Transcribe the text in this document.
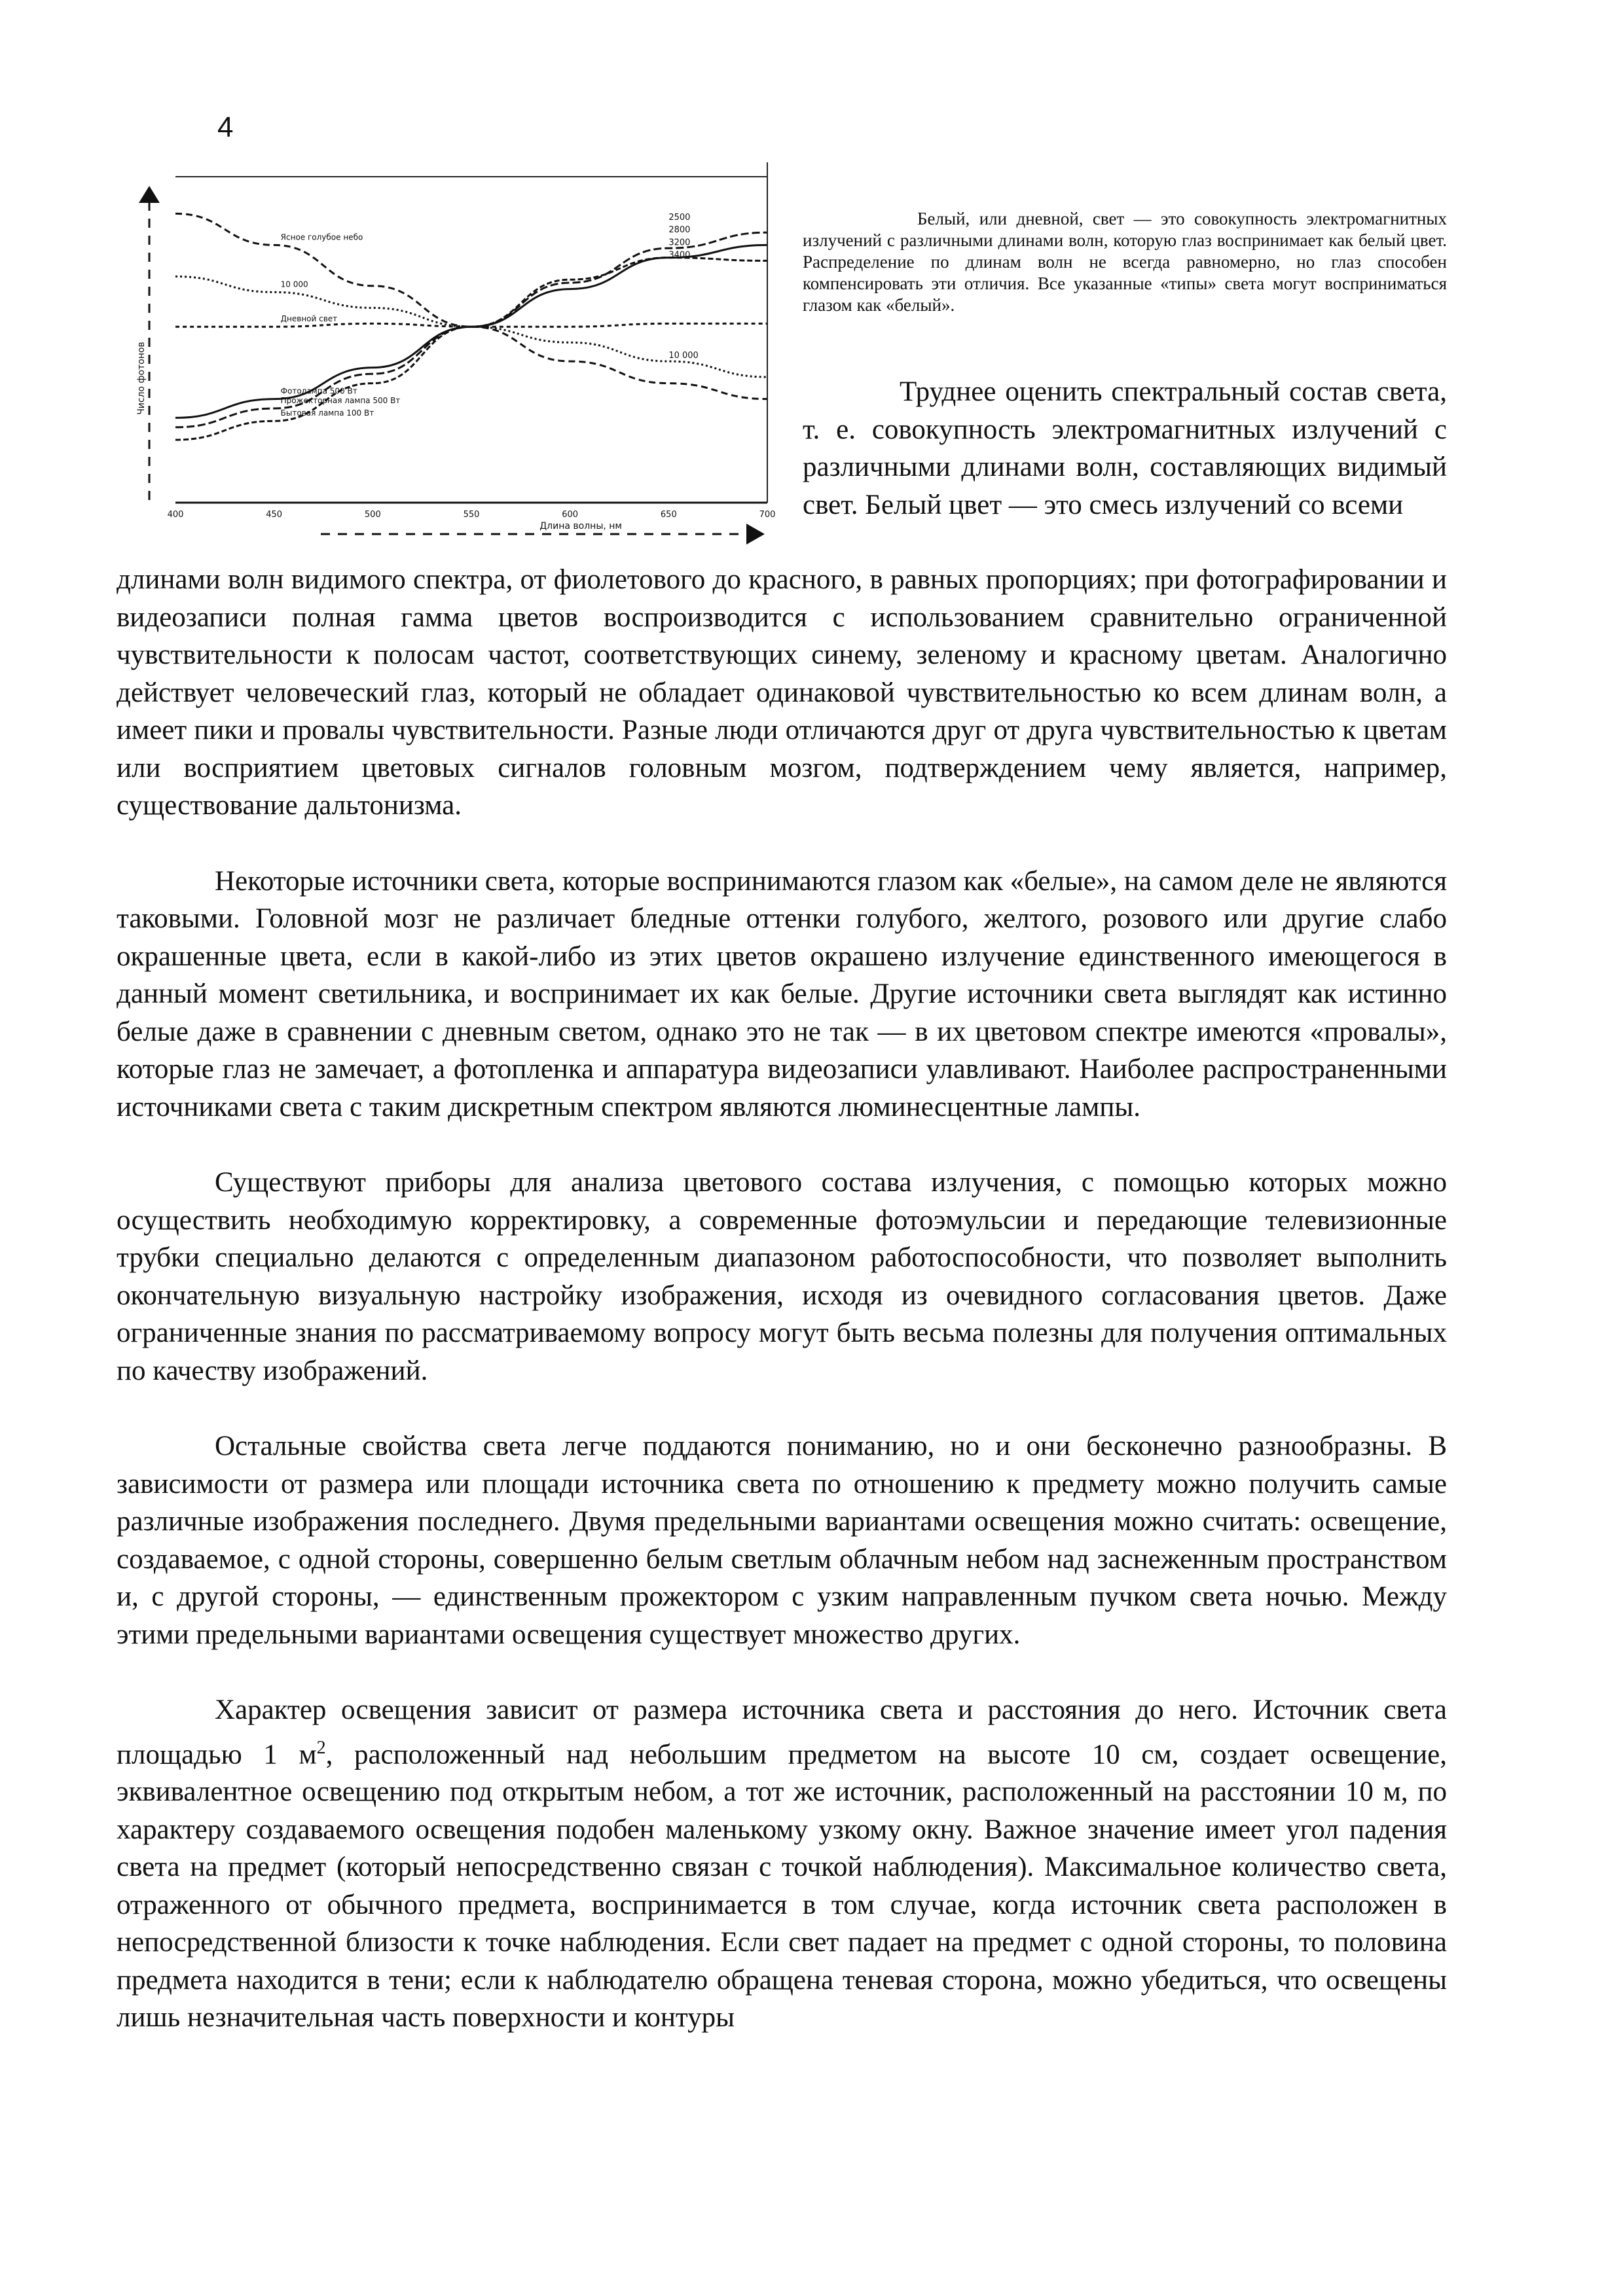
4
Ясное голубое небо
Дневной свет
10 000
Фотолампа 500 Вт
Прожекторная лампа 500 Вт
Бытовая лампа 100 Вт
2500
2800
3200
3400
10 000
400	450	500	550	600	650	700
Число фотонов
Длина волны, нм
Белый, или дневной, свет — это совокупность электромагнитных излучений с различными длинами волн, которую глаз воспринимает как белый цвет. Распределение по длинам волн не всегда равномерно, но глаз способен компенсировать эти отличия. Все указанные «типы» света могут восприниматься глазом как «белый».

Труднее оценить спектральный состав света, т. е. совокупность электромагнитных излучений с различными длинами волн, составляющих видимый свет. Белый цвет — это смесь излучений со всеми

длинами волн видимого спектра, от фиолетового до красного, в равных пропорциях; при фотографировании и видеозаписи полная гамма цветов воспроизводится с использованием сравнительно ограниченной чувствительности к полосам частот, соответствующих синему, зеленому и красному цветам. Аналогично действует человеческий глаз, который не обладает одинаковой чувствительностью ко всем длинам волн, а имеет пики и провалы чувствительности. Разные люди отличаются друг от друга чувствительностью к цветам или восприятием цветовых сигналов головным мозгом, подтверждением чему является, например, существование дальтонизма.

Некоторые источники света, которые воспринимаются глазом как «белые», на самом деле не являются таковыми. Головной мозг не различает бледные оттенки голубого, желтого, розового или другие слабо окрашенные цвета, если в какой-либо из этих цветов окрашено излучение единственного имеющегося в данный момент светильника, и воспринимает их как белые. Другие источники света выглядят как истинно белые даже в сравнении с дневным светом, однако это не так — в их цветовом спектре имеются «провалы», которые глаз не замечает, а фотопленка и аппаратура видеозаписи улавливают. Наиболее распространенными источниками света с таким дискретным спектром являются люминесцентные лампы.

Существуют приборы для анализа цветового состава излучения, с помощью которых можно осуществить необходимую корректировку, а современные фотоэмульсии и передающие телевизионные трубки специально делаются с определенным диапазоном работоспособности, что позволяет выполнить окончательную визуальную настройку изображения, исходя из очевидного согласования цветов. Даже ограниченные знания по рассматриваемому вопросу могут быть весьма полезны для получения оптимальных по качеству изображений.

Остальные свойства света легче поддаются пониманию, но и они бесконечно разнообразны. В зависимости от размера или площади источника света по отношению к предмету можно получить самые различные изображения последнего. Двумя предельными вариантами освещения можно считать: освещение, создаваемое, с одной стороны, совершенно белым светлым облачным небом над заснеженным пространством и, с другой стороны, — единственным прожектором с узким направленным пучком света ночью. Между этими предельными вариантами освещения существует множество других.

Характер освещения зависит от размера источника света и расстояния до него. Источник света площадью 1 $м^2$, расположенный над небольшим предметом на высоте 10 см, создает освещение, эквивалентное освещению под открытым небом, а тот же источник, расположенный на расстоянии 10 м, по характеру создаваемого освещения подобен маленькому узкому окну. Важное значение имеет угол падения света на предмет (который непосредственно связан с точкой наблюдения). Максимальное количество света, отраженного от обычного предмета, воспринимается в том случае, когда источник света расположен в непосредственной близости к точке наблюдения. Если свет падает на предмет с одной стороны, то половина предмета находится в тени; если к наблюдателю обращена теневая сторона, можно убедиться, что освещены лишь незначительная часть поверхности и контуры
